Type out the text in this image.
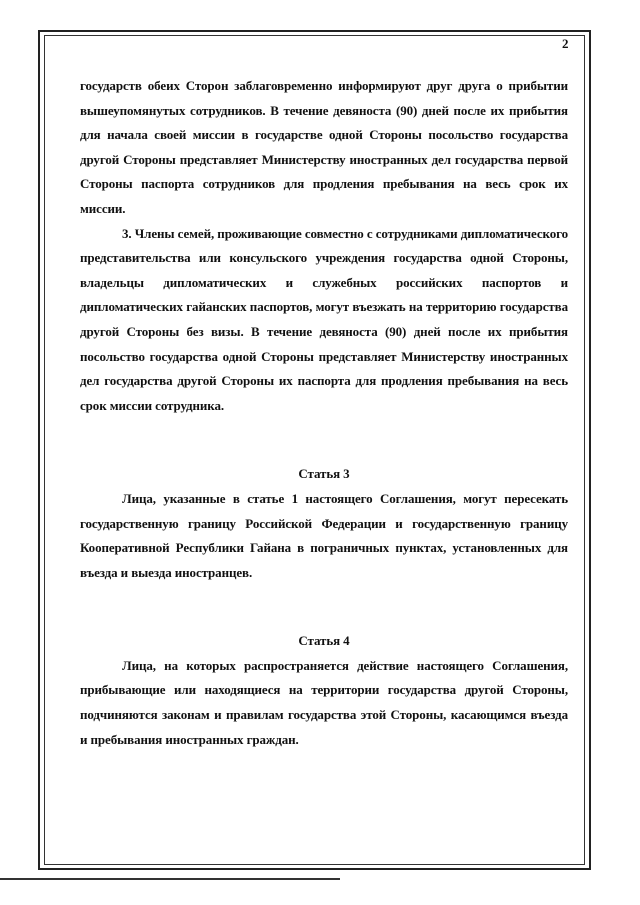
2

государств обеих Сторон заблаговременно информируют друг друга о прибытии вышеупомянутых сотрудников. В течение девяноста (90) дней после их прибытия для начала своей миссии в государстве одной Стороны посольство государства другой Стороны представляет Министерству иностранных дел государства первой Стороны паспорта сотрудников для продления пребывания на весь срок их миссии.

3. Члены семей, проживающие совместно с сотрудниками дипломатического представительства или консульского учреждения государства одной Стороны, владельцы дипломатических и служебных российских паспортов и дипломатических гайанских паспортов, могут въезжать на территорию государства другой Стороны без визы. В течение девяноста (90) дней после их прибытия посольство государства одной Стороны представляет Министерству иностранных дел государства другой Стороны их паспорта для продления пребывания на весь срок миссии сотрудника.

Статья 3

Лица, указанные в статье 1 настоящего Соглашения, могут пересекать государственную границу Российской Федерации и государственную границу Кооперативной Республики Гайана в пограничных пунктах, установленных для въезда и выезда иностранцев.

Статья 4

Лица, на которых распространяется действие настоящего Соглашения, прибывающие или находящиеся на территории государства другой Стороны, подчиняются законам и правилам государства этой Стороны, касающимся въезда и пребывания иностранных граждан.
